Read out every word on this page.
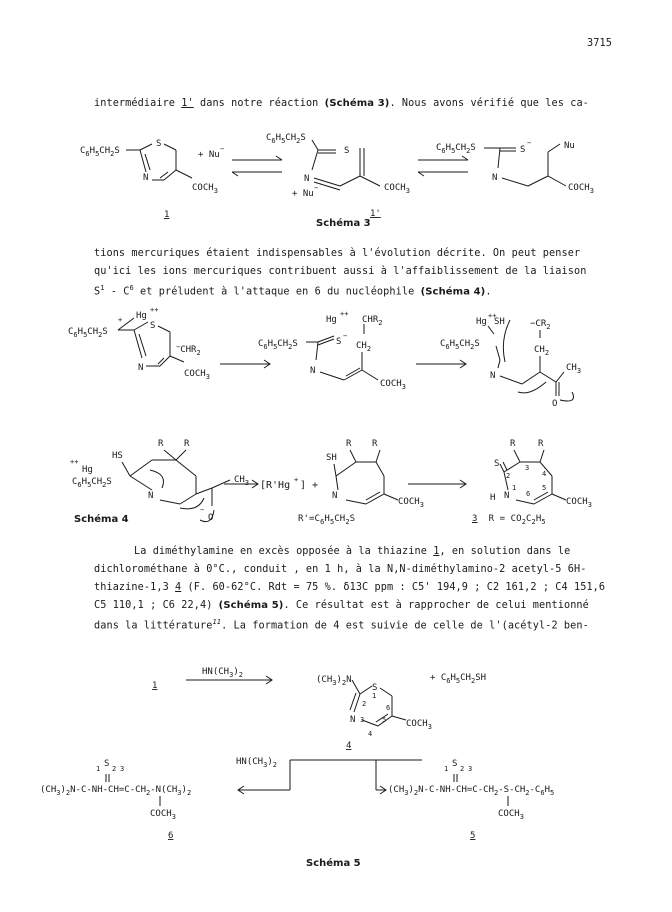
3715
intermédiaire 1' dans notre réaction (Schéma 3). Nous avons vérifié que les ca-
$C_6H_5CH_2S$
S
N
$COCH_3$
+ Nu
−
1
$C_6H_5CH_2S$
S
N
+ Nu
−	$COCH_3$
1'
$C_6H_5CH_2S$	S
−
N
Nu
$COCH_3$
$C_6H_5CH_2S$
+ Hg
++
S
N
$COCH_3$
$^-CHR_2$
Hg
++
$C_6H_5CH_2S$	S
−
N
$CH_2$
$CHR_2$
$COCH_3$
Hg
++
SH
$C_6H_5CH_2S$
N
$CH_2$
$-CR_2$
$CH_3$
O
++
Hg
$C_6H_5CH_2S$
HS
R R
N
$CH_3$
O
−
[R'Hg + ] +
SH
R R
N
$COCH_3$
R	R
S
N
H
2
3
4
5
6
1
$COCH_3$
$(CH_3)_2N$
S
1
6
5
4
N 3
2
$COCH_3$
+ $C_6H_5CH_2SH$
4
1
$HN(CH_3)_2$
$HN(CH_3)_2$
1 S 2 3
$(CH_3)_2N-C-NH-CH=C-CH_2-N(CH_3)_2$
$COCH_3$
6
1 S 2 3
$(CH_3)_2N-C-NH-CH=C-CH_2-S-CH_2-C_6H_5$
$COCH_3$
5
Schéma 3
Schéma 4
Schéma 5
$R'=C_6H_5CH_2S$	3  $R = CO_2C_2H_5$
tions mercuriques étaient indispensables à l'évolution décrite. On peut penser
qu'ici les ions mercuriques contribuent aussi à l'affaiblissement de la liaison
$S^1 - C^6$ et préludent à l'attaque en 6 du nucléophile (Schéma 4).
La diméthylamine en excès opposée à la thiazine 1, en solution dans le
dichlorométhane à 0°C., conduit , en 1 h, à la N,N-diméthylamino-2 acetyl-5 6H-
thiazine-1,3 4 (F. 60-62°C. Rdt = 75 %. δ13C ppm : C5' 194,9 ; C2 161,2 ; C4 151,6
C5 110,1 ; C6 22,4) (Schéma 5). Ce résultat est à rapprocher de celui mentionné
dans la littérature$^{11}$. La formation de 4 est suivie de celle de l'(acétyl-2 ben-
